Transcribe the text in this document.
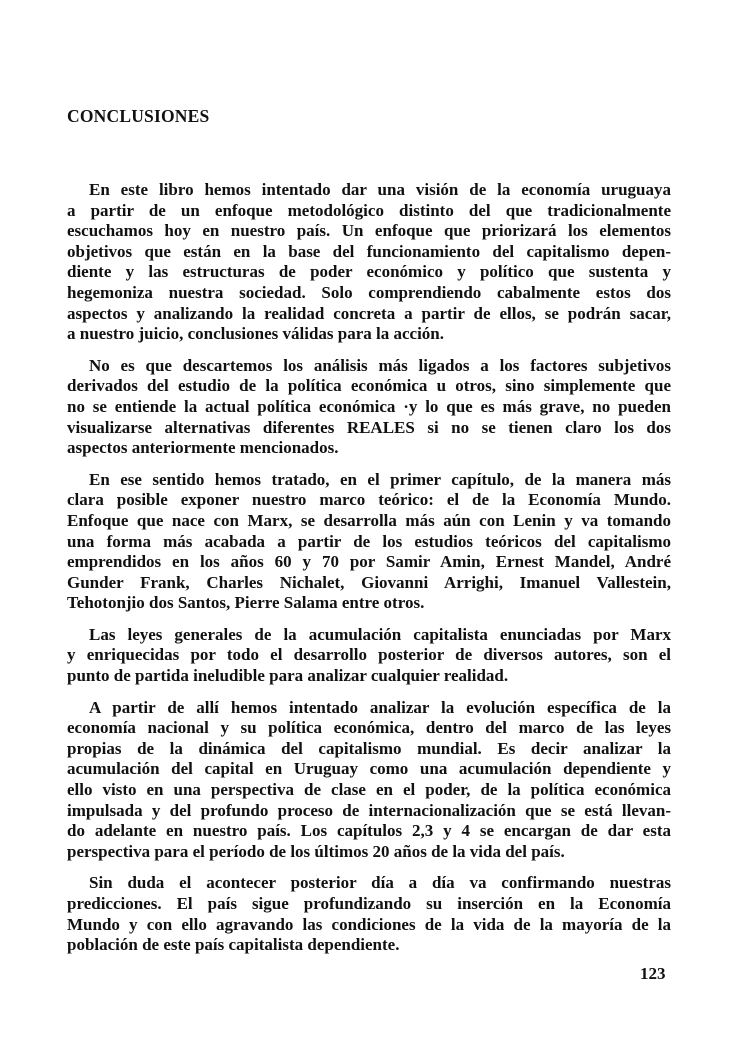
CONCLUSIONES
En este libro hemos intentado dar una visión de la economía uruguaya
a partir de un enfoque metodológico distinto del que tradicionalmente
escuchamos hoy en nuestro país. Un enfoque que priorizará los elementos
objetivos que están en la base del funcionamiento del capitalismo depen-
diente y las estructuras de poder económico y político que sustenta y
hegemoniza nuestra sociedad. Solo comprendiendo cabalmente estos dos
aspectos y analizando la realidad concreta a partir de ellos, se podrán sacar,
a nuestro juicio, conclusiones válidas para la acción.
No es que descartemos los análisis más ligados a los factores subjetivos
derivados del estudio de la política económica u otros, sino simplemente que
no se entiende la actual política económica ·y lo que es más grave, no pueden
visualizarse alternativas diferentes REALES si no se tienen claro los dos
aspectos anteriormente mencionados.
En ese sentido hemos tratado, en el primer capítulo, de la manera más
clara posible exponer nuestro marco teórico: el de la Economía Mundo.
Enfoque que nace con Marx, se desarrolla más aún con Lenin y va tomando
una forma más acabada a partir de los estudios teóricos del capitalismo
emprendidos en los años 60 y 70 por Samir Amin, Ernest Mandel, André
Gunder Frank, Charles Nichalet, Giovanni Arrighi, Imanuel Vallestein,
Tehotonjio dos Santos, Pierre Salama entre otros.
Las leyes generales de la acumulación capitalista enunciadas por Marx
y enriquecidas por todo el desarrollo posterior de diversos autores, son el
punto de partida ineludible para analizar cualquier realidad.
A partir de allí hemos intentado analizar la evolución específica de la
economía nacional y su política económica, dentro del marco de las leyes
propias de la dinámica del capitalismo mundial. Es decir analizar la
acumulación del capital en Uruguay como una acumulación dependiente y
ello visto en una perspectiva de clase en el poder, de la política económica
impulsada y del profundo proceso de internacionalización que se está llevan-
do adelante en nuestro país. Los capítulos 2,3 y 4 se encargan de dar esta
perspectiva para el período de los últimos 20 años de la vida del país.
Sin duda el acontecer posterior día a día va confirmando nuestras
predicciones. El país sigue profundizando su inserción en la Economía
Mundo y con ello agravando las condiciones de la vida de la mayoría de la
población de este país capitalista dependiente.
123
